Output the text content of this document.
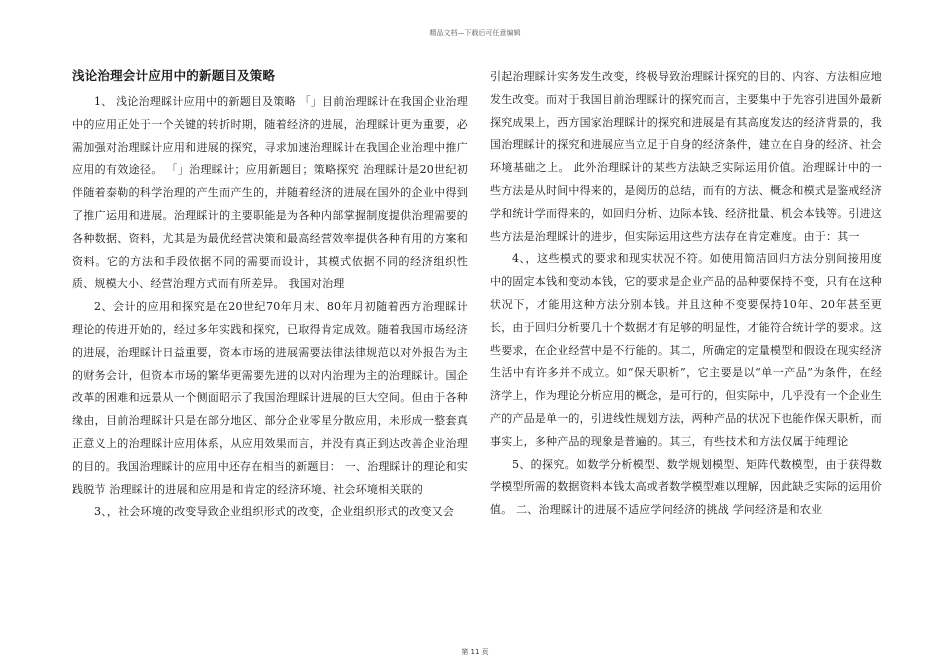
精品文档—下载后可任意编辑
浅论治理会计应用中的新题目及策略

1、 浅论治理睬计应用中的新题目及策略 「」目前治理睬计在我国企业治理中的应用正处于一个关键的转折时期，随着经济的进展，治理睬计更为重要，必需加强对治理睬计应用和进展的探究，寻求加速治理睬计在我国企业治理中推广应用的有效途径。 「」治理睬计；应用新题目；策略探究 治理睬计是20世纪初伴随着泰勒的科学治理的产生而产生的，并随着经济的进展在国外的企业中得到了推广运用和进展。治理睬计的主要职能是为各种内部掌握制度提供治理需要的各种数据、资料，尤其是为最优经营决策和最高经营效率提供各种有用的方案和资料。它的方法和手段依据不同的需要而设计，其模式依据不同的经济组织性质、规模大小、经营治理方式而有所差异。 我国对治理

2、会计的应用和探究是在20世纪70年月末、80年月初随着西方治理睬计理论的传进开始的，经过多年实践和探究，已取得肯定成效。随着我国市场经济的进展，治理睬计日益重要，资本市场的进展需要法律法律规范以对外报告为主的财务会计，但资本市场的繁华更需要先进的以对内治理为主的治理睬计。国企改革的困难和远景从一个侧面昭示了我国治理睬计进展的巨大空间。但由于各种缘由，目前治理睬计只是在部分地区、部分企业零星分散应用，未形成一整套真正意义上的治理睬计应用体系，从应用效果而言，并没有真正到达改善企业治理的目的。我国治理睬计的应用中还存在相当的新题目： 一、治理睬计的理论和实践脱节 治理睬计的进展和应用是和肯定的经济环境、社会环境相关联的

3、，社会环境的改变导致企业组织形式的改变，企业组织形式的改变又会

引起治理睬计实务发生改变，终极导致治理睬计探究的目的、内容、方法相应地发生改变。而对于我国目前治理睬计的探究而言，主要集中于先容引进国外最新探究成果上，西方国家治理睬计的探究和进展是有其高度发达的经济背景的，我国治理睬计的探究和进展应当立足于自身的经济条件，建立在自身的经济、社会环境基础之上。 此外治理睬计的某些方法缺乏实际运用价值。治理睬计中的一些方法是从时间中得来的，是阅历的总结，而有的方法、概念和模式是鉴戒经济学和统计学而得来的，如回归分析、边际本钱、经济批量、机会本钱等。引进这些方法是治理睬计的进步，但实际运用这些方法存在肯定难度。由于：其一

4、，这些模式的要求和现实状况不符。如使用简洁回归方法分别间接用度中的固定本钱和变动本钱，它的要求是企业产品的品种要保持不变，只有在这种状况下，才能用这种方法分别本钱。并且这种不变要保持10年、20年甚至更长，由于回归分析要几十个数据才有足够的明显性，才能符合统计学的要求。这些要求，在企业经营中是不行能的。其二，所确定的定量模型和假设在现实经济生活中有许多并不成立。如“保天职析”，它主要是以“单一产品”为条件，在经济学上，作为理论分析应用的概念，是可行的，但实际中，几乎没有一个企业生产的产品是单一的，引进线性规划方法，两种产品的状况下也能作保天职析，而事实上，多种产品的现象是普遍的。其三，有些技术和方法仅属于纯理论

5、的探究。如数学分析模型、数学规划模型、矩阵代数模型，由于获得数学模型所需的数据资料本钱太高或者数学模型难以理解，因此缺乏实际的运用价值。 二、治理睬计的进展不适应学问经济的挑战 学问经济是和农业

第 11 页
